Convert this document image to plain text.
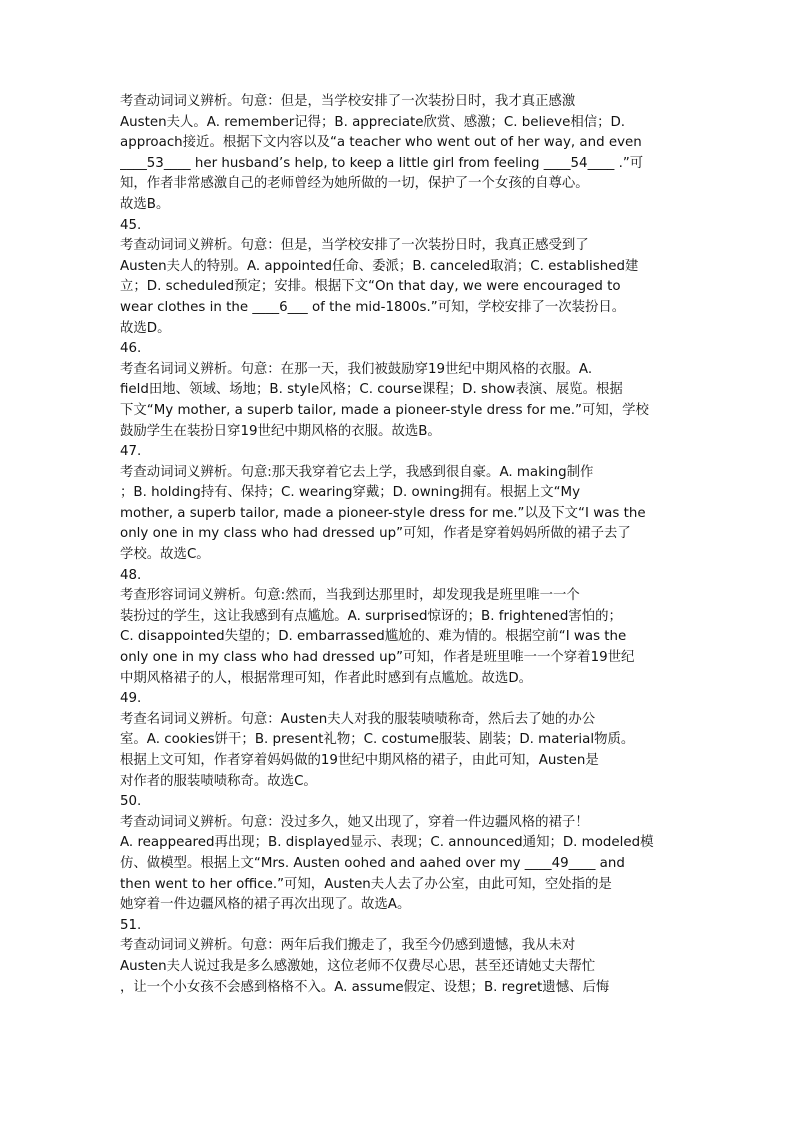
考查动词词义辨析。句意：但是，当学校安排了一次装扮日时，我才真正感激
Austen夫人。A. remember记得；B. appreciate欣赏、感激；C. believe相信；D.
approach接近。根据下文内容以及“a teacher who went out of her way, and even
____53____ her husband’s help, to keep a little girl from feeling ____54____ .”可
知，作者非常感激自己的老师曾经为她所做的一切，保护了一个女孩的自尊心。
故选B。
45.
考查动词词义辨析。句意：但是，当学校安排了一次装扮日时，我真正感受到了
Austen夫人的特别。A. appointed任命、委派；B. canceled取消；C. established建
立；D. scheduled预定；安排。根据下文“On that day, we were encouraged to
wear clothes in the ____6___ of the mid-1800s.”可知，学校安排了一次装扮日。
故选D。
46.
考查名词词义辨析。句意：在那一天，我们被鼓励穿19世纪中期风格的衣服。A.
field田地、领域、场地；B. style风格；C. course课程；D. show表演、展览。根据
下文“My mother, a superb tailor, made a pioneer-style dress for me.”可知，学校
鼓励学生在装扮日穿19世纪中期风格的衣服。故选B。
47.
考查动词词义辨析。句意:那天我穿着它去上学，我感到很自豪。A. making制作
；B. holding持有、保持；C. wearing穿戴；D. owning拥有。根据上文“My
mother, a superb tailor, made a pioneer-style dress for me.”以及下文“I was the
only one in my class who had dressed up”可知，作者是穿着妈妈所做的裙子去了
学校。故选C。
48.
考查形容词词义辨析。句意:然而，当我到达那里时，却发现我是班里唯一一个
装扮过的学生，这让我感到有点尴尬。A. surprised惊讶的；B. frightened害怕的；
C. disappointed失望的；D. embarrassed尴尬的、难为情的。根据空前“I was the
only one in my class who had dressed up”可知，作者是班里唯一一个穿着19世纪
中期风格裙子的人，根据常理可知，作者此时感到有点尴尬。故选D。
49.
考查名词词义辨析。句意：Austen夫人对我的服装啧啧称奇，然后去了她的办公
室。A. cookies饼干；B. present礼物；C. costume服装、剧装；D. material物质。
根据上文可知，作者穿着妈妈做的19世纪中期风格的裙子，由此可知，Austen是
对作者的服装啧啧称奇。故选C。
50.
考查动词词义辨析。句意：没过多久，她又出现了，穿着一件边疆风格的裙子！
A. reappeared再出现；B. displayed显示、表现；C. announced通知；D. modeled模
仿、做模型。根据上文“Mrs. Austen oohed and aahed over my ____49____ and
then went to her office.”可知，Austen夫人去了办公室，由此可知，空处指的是
她穿着一件边疆风格的裙子再次出现了。故选A。
51.
考查动词词义辨析。句意：两年后我们搬走了，我至今仍感到遗憾，我从未对
Austen夫人说过我是多么感激她，这位老师不仅费尽心思，甚至还请她丈夫帮忙
，让一个小女孩不会感到格格不入。A. assume假定、设想；B. regret遗憾、后悔
